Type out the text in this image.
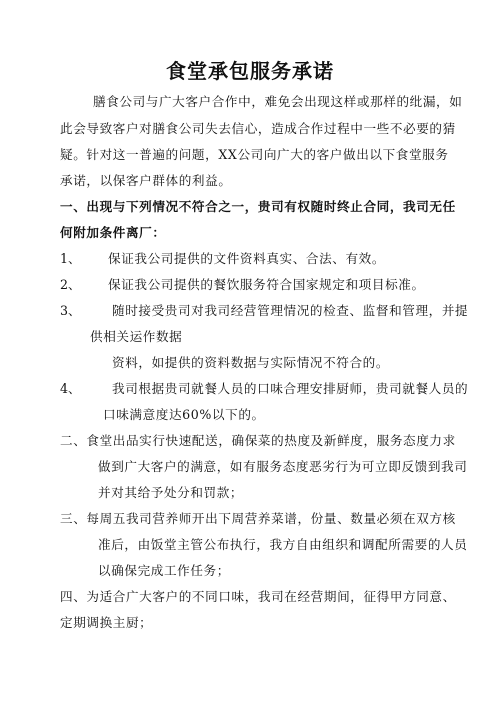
食堂承包服务承诺
膳食公司与广大客户合作中，难免会出现这样或那样的纰漏，如
此会导致客户对膳食公司失去信心，造成合作过程中一些不必要的猜
疑。针对这一普遍的问题，XX公司向广大的客户做出以下食堂服务
承诺，以保客户群体的利益。
一、出现与下列情况不符合之一，贵司有权随时终止合同，我司无任
何附加条件离厂：
1、 保证我公司提供的文件资料真实、合法、有效。
2、 保证我公司提供的餐饮服务符合国家规定和项目标准。
3、 随时接受贵司对我司经营管理情况的检查、监督和管理，并提
供相关运作数据
资料，如提供的资料数据与实际情况不符合的。
4、 我司根据贵司就餐人员的口味合理安排厨师，贵司就餐人员的
口味满意度达60%以下的。
二、食堂出品实行快速配送，确保菜的热度及新鲜度，服务态度力求
做到广大客户的满意，如有服务态度恶劣行为可立即反馈到我司
并对其给予处分和罚款；
三、每周五我司营养师开出下周营养菜谱，份量、数量必须在双方核
准后，由饭堂主管公布执行，我方自由组织和调配所需要的人员
以确保完成工作任务；
四、为适合广大客户的不同口味，我司在经营期间，征得甲方同意、
定期调换主厨；
